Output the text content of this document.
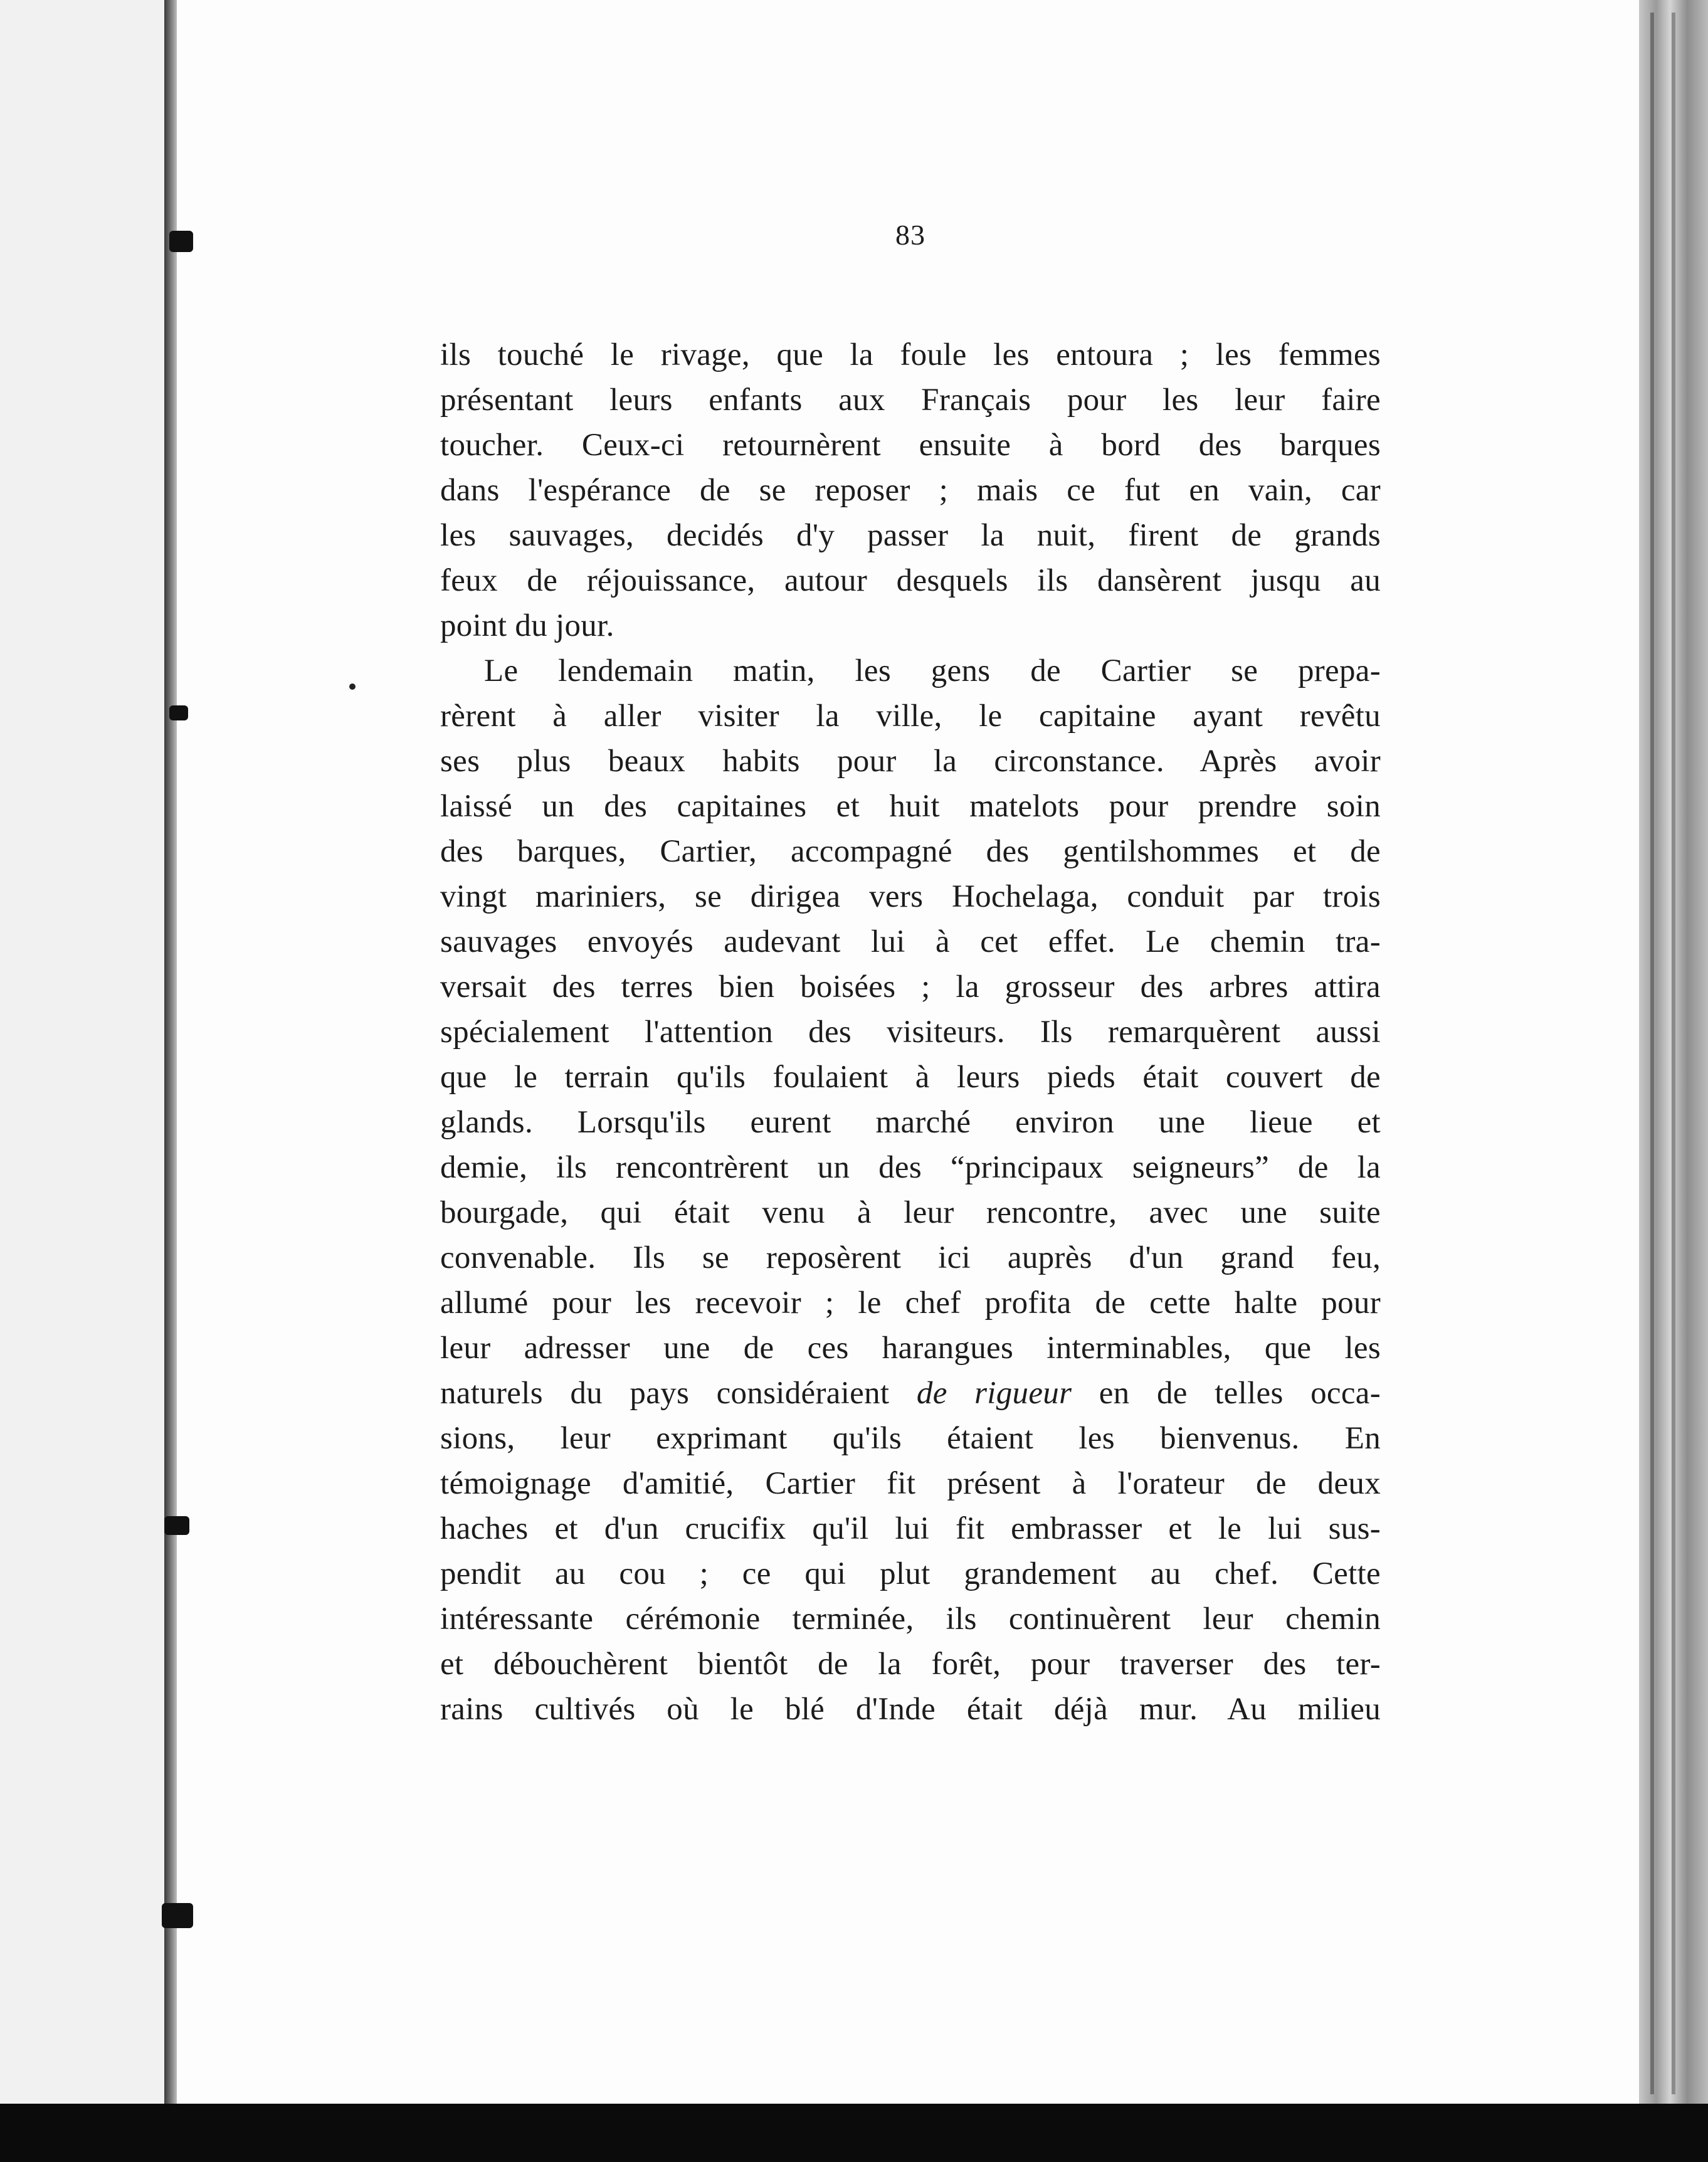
83
ils touché le rivage, que la foule les entoura ; les femmes
présentant leurs enfants aux Français pour les leur faire
toucher. Ceux-ci retournèrent ensuite à bord des barques
dans l'espérance de se reposer ; mais ce fut en vain, car
les sauvages, decidés d'y passer la nuit, firent de grands
feux de réjouissance, autour desquels ils dansèrent jusqu au
point du jour.
Le lendemain matin, les gens de Cartier se prepa-
rèrent à aller visiter la ville, le capitaine ayant revêtu
ses plus beaux habits pour la circonstance. Après avoir
laissé un des capitaines et huit matelots pour prendre soin
des barques, Cartier, accompagné des gentilshommes et de
vingt mariniers, se dirigea vers Hochelaga, conduit par trois
sauvages envoyés audevant lui à cet effet. Le chemin tra-
versait des terres bien boisées ; la grosseur des arbres attira
spécialement l'attention des visiteurs. Ils remarquèrent aussi
que le terrain qu'ils foulaient à leurs pieds était couvert de
glands. Lorsqu'ils eurent marché environ une lieue et
demie, ils rencontrèrent un des “principaux seigneurs” de la
bourgade, qui était venu à leur rencontre, avec une suite
convenable. Ils se reposèrent ici auprès d'un grand feu,
allumé pour les recevoir ; le chef profita de cette halte pour
leur adresser une de ces harangues interminables, que les
naturels du pays considéraient de rigueur en de telles occa-
sions, leur exprimant qu'ils étaient les bienvenus. En
témoignage d'amitié, Cartier fit présent à l'orateur de deux
haches et d'un crucifix qu'il lui fit embrasser et le lui sus-
pendit au cou ; ce qui plut grandement au chef. Cette
intéressante cérémonie terminée, ils continuèrent leur chemin
et débouchèrent bientôt de la forêt, pour traverser des ter-
rains cultivés où le blé d'Inde était déjà mur. Au milieu
